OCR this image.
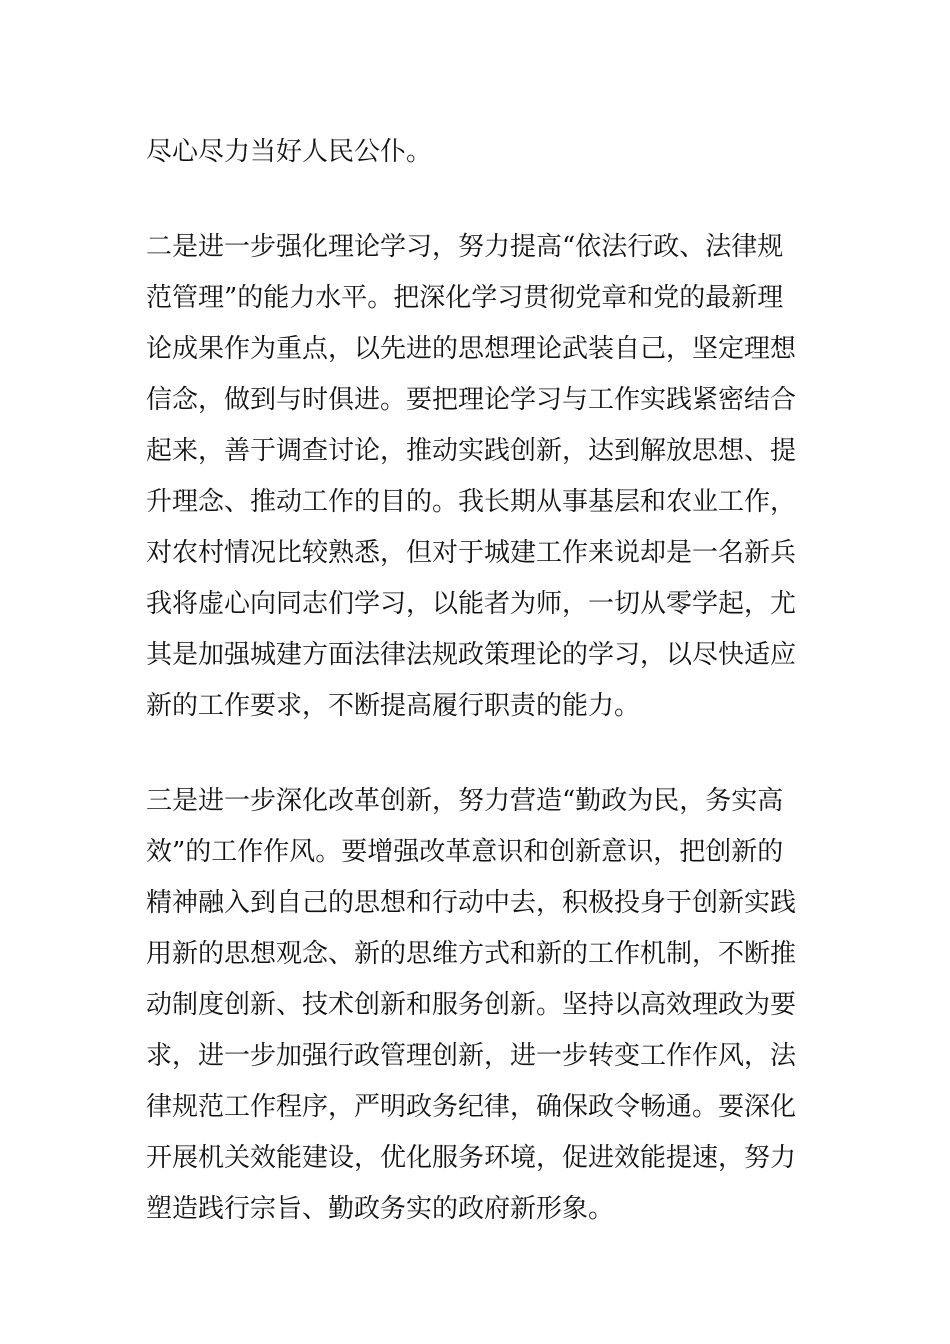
尽心尽力当好人民公仆。
二是进一步强化理论学习，努力提高“依法行政、法律规
范管理”的能力水平。把深化学习贯彻党章和党的最新理
论成果作为重点，以先进的思想理论武装自己，坚定理想
信念，做到与时俱进。要把理论学习与工作实践紧密结合
起来，善于调查讨论，推动实践创新，达到解放思想、提
升理念、推动工作的目的。我长期从事基层和农业工作，
对农村情况比较熟悉，但对于城建工作来说却是一名新兵
我将虚心向同志们学习，以能者为师，一切从零学起，尤
其是加强城建方面法律法规政策理论的学习，以尽快适应
新的工作要求，不断提高履行职责的能力。
三是进一步深化改革创新，努力营造“勤政为民，务实高
效”的工作作风。要增强改革意识和创新意识，把创新的
精神融入到自己的思想和行动中去，积极投身于创新实践
用新的思想观念、新的思维方式和新的工作机制，不断推
动制度创新、技术创新和服务创新。坚持以高效理政为要
求，进一步加强行政管理创新，进一步转变工作作风，法
律规范工作程序，严明政务纪律，确保政令畅通。要深化
开展机关效能建设，优化服务环境，促进效能提速，努力
塑造践行宗旨、勤政务实的政府新形象。
